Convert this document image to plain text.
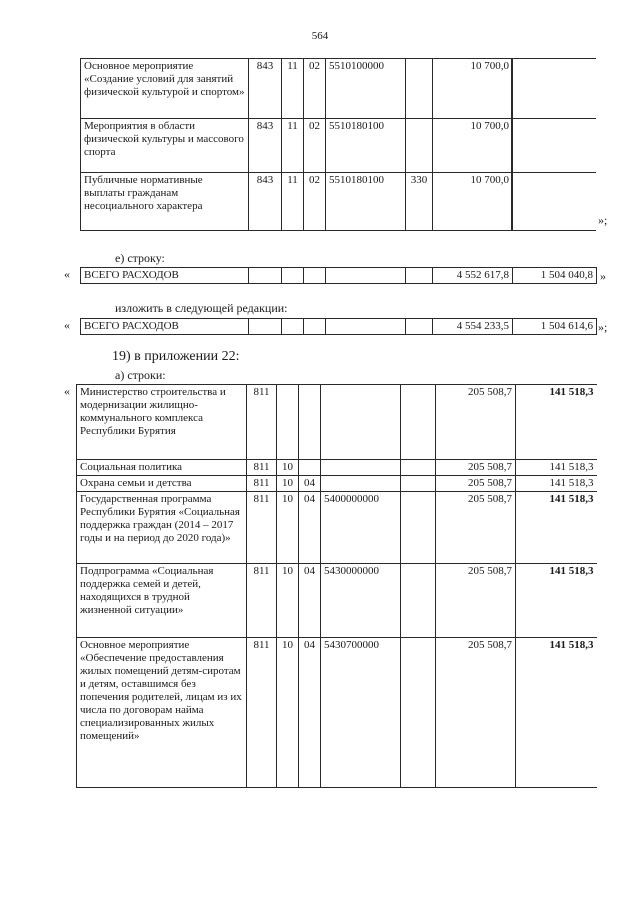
564
Основное мероприятие «Создание условий для занятий физической культурой и спортом»	843	11	02	5510100000		10 700,0
Мероприятия в области физической культуры и массового спорта	843	11	02	5510180100		10 700,0
Публичные нормативные выплаты гражданам несоциального характера	843	11	02	5510180100	330	10 700,0

»;
е) строку:
« ВСЕГО РАСХОДОВ						4 552 617,8	1 504 040,8 »
изложить в следующей редакции:
« ВСЕГО РАСХОДОВ						4 554 233,5	1 504 614,6 »;
19) в приложении 22:
а) строки:
« Министерство строительства и модернизации жилищно-коммунального комплекса Республики Бурятия	811					205 508,7	141 518,3
Социальная политика	811	10				205 508,7	141 518,3
Охрана семьи и детства	811	10	04			205 508,7	141 518,3
Государственная программа Республики Бурятия «Социальная поддержка граждан (2014 – 2017 годы и на период до 2020 года)»	811	10	04	5400000000		205 508,7	141 518,3
Подпрограмма «Социальная поддержка семей и детей, находящихся в трудной жизненной ситуации»	811	10	04	5430000000		205 508,7	141 518,3
Основное мероприятие «Обеспечение предоставления жилых помещений детям-сиротам и детям, оставшимся без попечения родителей, лицам из их числа по договорам найма специализированных жилых помещений»	811	10	04	5430700000		205 508,7	141 518,3
